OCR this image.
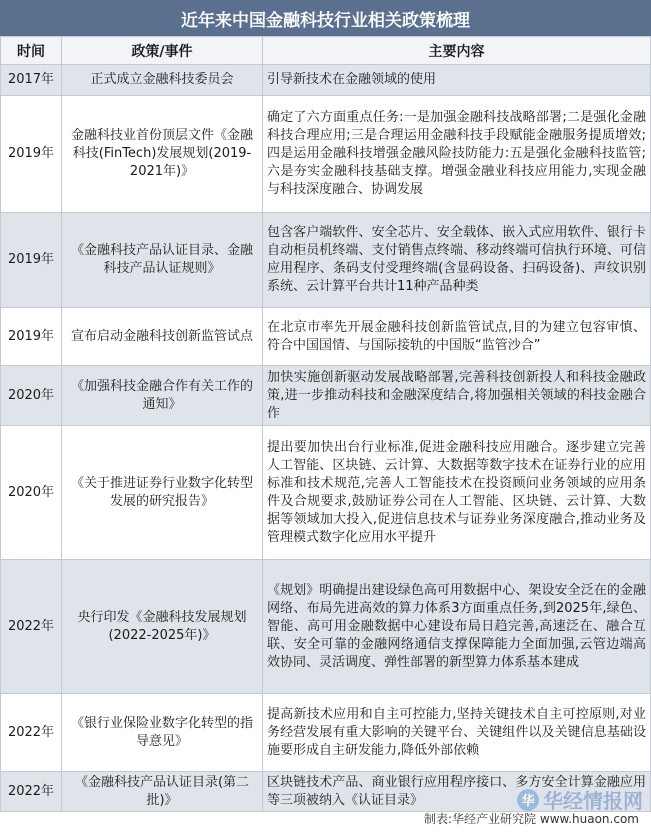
近年来中国金融科技行业相关政策梳理
时间	政策/事件	主要内容
2017年	正式成立金融科技委员会	引导新技术在金融领域的使用
2019年	金融科技业首份顶层文件《金融科技(FinTech)发展规划(2019-2021年)》	确定了六方面重点任务:一是加强金融科技战略部署;二是强化金融科技合理应用;三是合理运用金融科技手段赋能金融服务提质增效;四是运用金融科技增强金融风险技防能力:五是强化金融科技监管;六是夯实金融科技基础支撑。增强金融业科技应用能力,实现金融与科技深度融合、协调发展
2019年	《金融科技产品认证目录、金融科技产品认证规则》	包含客户端软件、安全芯片、安全载体、嵌入式应用软件、银行卡自动柜员机终端、支付销售点终端、移动终端可信执行环境、可信应用程序、条码支付受理终端(含显码设备、扫码设备)、声纹识别系统、云计算平台共计11种产品种类
2019年	宣布启动金融科技创新监管试点	在北京市率先开展金融科技创新监管试点,目的为建立包容审慎、符合中国国情、与国际接轨的中国版“监管沙合”
2020年	《加强科技金融合作有关工作的通知》	加快实施创新驱动发展战略部署,完善科技创新投人和科技金融政策,进一步推动科技和金融深度结合,将加强相关领域的科技金融合作
2020年	《关于推进证券行业数字化转型发展的研究报告》	提出要加快出台行业标准,促进金融科技应用融合。逐步建立完善人工智能、区块链、云计算、大数据等数字技术在证券行业的应用标准和技术规范,完善人工智能技术在投资顾问业务领域的应用条件及合规要求,鼓励证券公司在人工智能、区块链、云计算、大数据等领域加大投入,促进信息技术与证券业务深度融合,推动业务及管理模式数字化应用水平提升
2022年	央行印发《金融科技发展规划(2022-2025年)》	《规划》明确提出建设绿色高可用数据中心、架设安全泛在的金融网络、布局先进高效的算力体系3方面重点任务,到2025年,绿色、智能、高可用金融数据中心建设布局日趋完善,高速泛在、融合互联、安全可靠的金融网络通信支撑保障能力全面加强,云管边端高效协同、灵活调度、弹性部署的新型算力体系基本建成
2022年	《银行业保险业数字化转型的指导意见》	提高新技术应用和自主可控能力,坚持关键技术自主可控原则,对业务经营发展有重大影响的关键平台、关键组件以及关键信息基础设施要形成自主研发能力,降低外部依赖
2022年	《金融科技产品认证目录(第二批)》	区块链技术产品、商业银行应用程序接口、多方安全计算金融应用等三项被纳入《认证目录》	华 华经情报网
制表:华经产业研究院 www.huaon.com
